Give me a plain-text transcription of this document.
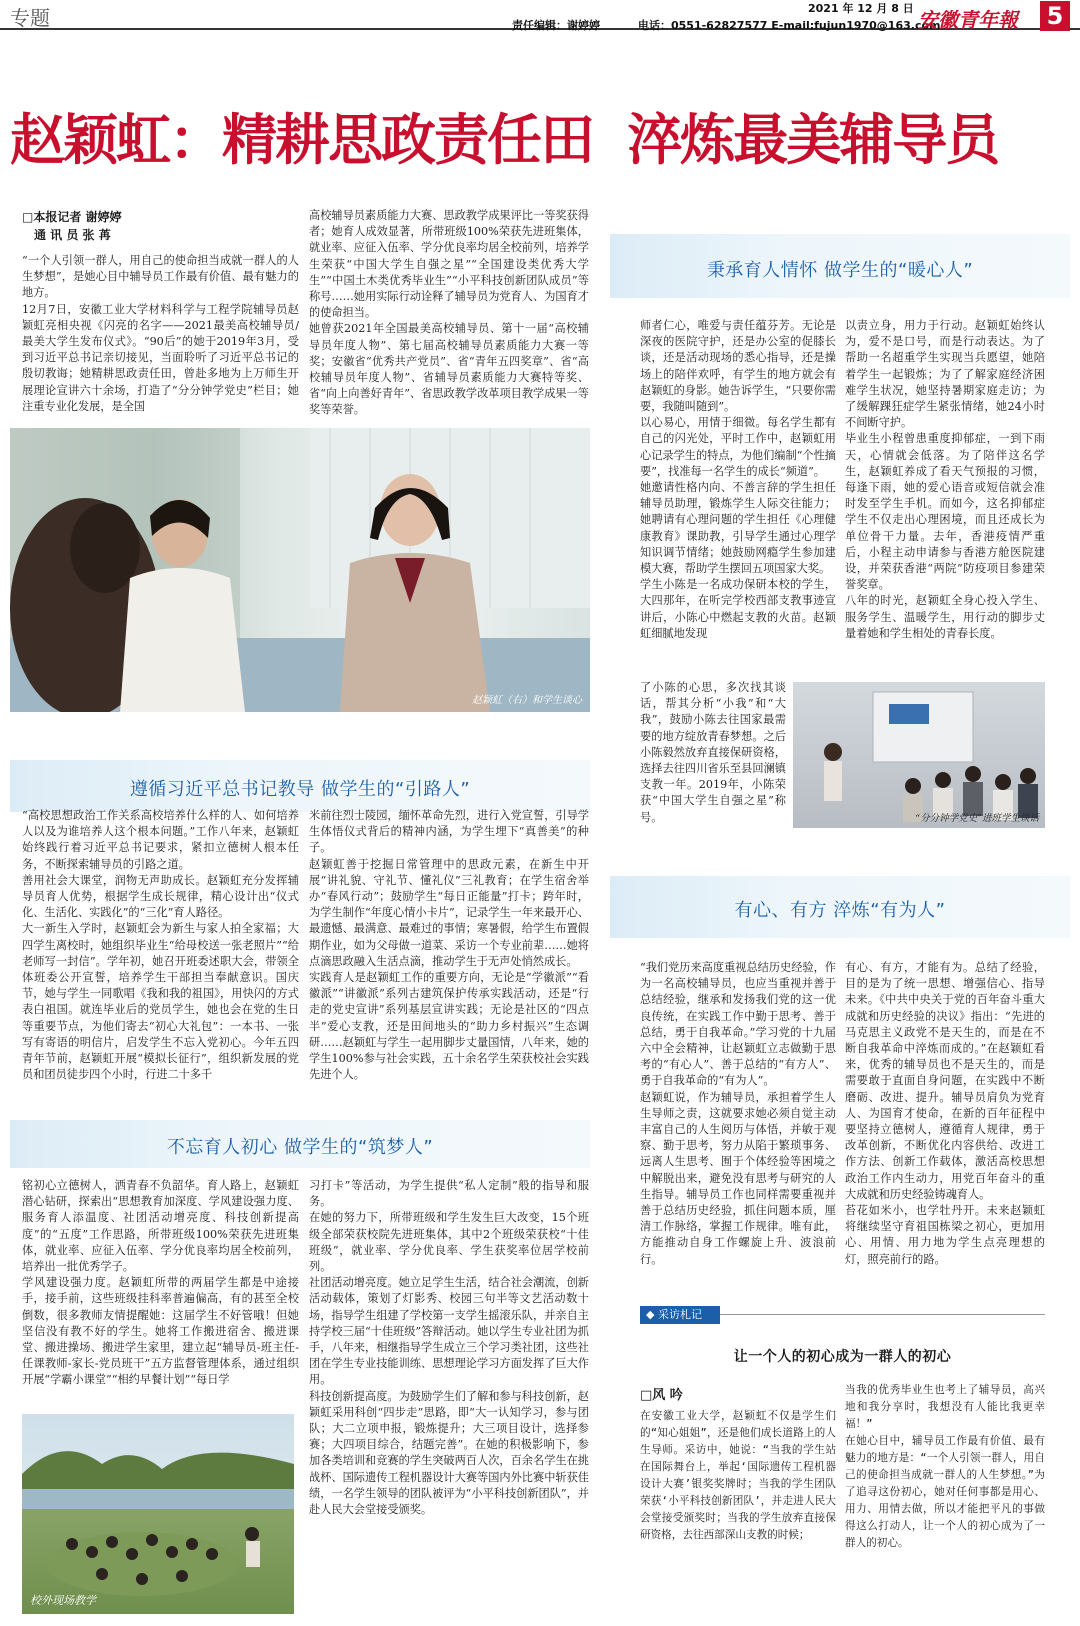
专题	2021 年 12 月 8 日
责任编辑：谢婷婷	电话：0551-62827577 E-mail:fujun1970@163.com
安徽青年報 5
赵颖虹：精耕思政责任田  淬炼最美辅导员
□本报记者 谢婷婷
通 讯 员 张 苒
“一个人引领一群人，用自己的使命担当成就一群人的人生梦想”，是她心目中辅导员工作最有价值、最有魅力的地方。
12月7日，安徽工业大学材料科学与工程学院辅导员赵颖虹亮相央视《闪亮的名字——2021最美高校辅导员/最美大学生发布仪式》。“90后”的她于2019年3月，受到习近平总书记亲切接见，当面聆听了习近平总书记的殷切教诲；她精耕思政责任田，曾赴多地为上万师生开展理论宣讲六十余场，打造了“分分钟学党史”栏目；她注重专业化发展，是全国
高校辅导员素质能力大赛、思政教学成果评比一等奖获得者；她育人成效显著，所带班级100%荣获先进班集体，就业率、应征入伍率、学分优良率均居全校前列，培养学生荣获“中国大学生自强之星”“全国建设类优秀大学生”“中国土木类优秀毕业生”“小平科技创新团队成员”等称号……她用实际行动诠释了辅导员为党育人、为国育才的使命担当。
她曾获2021年全国最美高校辅导员、第十一届“高校辅导员年度人物”、第七届高校辅导员素质能力大赛一等奖；安徽省“优秀共产党员”、省“青年五四奖章”、省“高校辅导员年度人物”、省辅导员素质能力大赛特等奖、省“向上向善好青年”、省思政教学改革项目教学成果一等奖等荣誉。
赵颖虹（右）和学生谈心
秉承育人情怀 做学生的“暖心人”
师者仁心，唯爱与责任蕴芬芳。无论是深夜的医院守护，还是办公室的促膝长谈，还是活动现场的悉心指导，还是操场上的陪伴欢呼，有学生的地方就会有赵颖虹的身影。她告诉学生，“只要你需要，我随叫随到”。
以心易心，用情于细微。每名学生都有自己的闪光处，平时工作中，赵颖虹用心记录学生的特点，为他们编制“个性摘要”，找准每一名学生的成长“频道”。
她邀请性格内向、不善言辞的学生担任辅导员助理，锻炼学生人际交往能力；她聘请有心理问题的学生担任《心理健康教育》课助教，引导学生通过心理学知识调节情绪；她鼓励网瘾学生参加建模大赛，帮助学生摆回五项国家大奖。
学生小陈是一名成功保研本校的学生，大四那年，在听完学校西部支教事迹宣讲后，小陈心中燃起支教的火苗。赵颖虹细腻地发现
了小陈的心思，多次找其谈话，帮其分析“小我”和“大我”，鼓励小陈去往国家最需要的地方绽放青春梦想。之后小陈毅然放弃直接保研资格，选择去往四川省乐至县回澜镇支教一年。2019年，小陈荣获“中国大学生自强之星”称号。
以责立身，用力于行动。赵颖虹始终认为，爱不是口号，而是行动表达。为了帮助一名超重学生实现当兵愿望，她陪着学生一起锻炼；为了了解家庭经济困难学生状况，她坚持暑期家庭走访；为了缓解踝狂症学生紧张情绪，她24小时不间断守护。
毕业生小程曾患重度抑郁症，一到下雨天，心情就会低落。为了陪伴这名学生，赵颖虹养成了看天气预报的习惯，每逢下雨，她的爱心语音或短信就会准时发至学生手机。而如今，这名抑郁症学生不仅走出心理困境，而且还成长为单位骨干力量。去年，香港疫情严重后，小程主动申请参与香港方舱医院建设，并荣获香港“两院”防疫项目参建荣誉奖章。
八年的时光，赵颖虹全身心投入学生、服务学生、温暖学生，用行动的脚步丈量着她和学生相处的青春长度。
“分分钟学党史”进班学生谈话
遵循习近平总书记教导 做学生的“引路人”
“高校思想政治工作关系高校培养什么样的人、如何培养人以及为谁培养人这个根本问题。”工作八年来，赵颖虹始终践行着习近平总书记要求，紧扣立德树人根本任务，不断探索辅导员的引路之道。
善用社会大课堂，润物无声助成长。赵颖虹充分发挥辅导员育人优势，根据学生成长规律，精心设计出“仪式化、生活化、实践化”的“三化”育人路径。
大一新生入学时，赵颖虹会为新生与家人拍全家福；大四学生离校时，她组织毕业生“给母校送一张老照片”“给老师写一封信”。学年初，她召开班委述职大会，带领全体班委公开宣誓，培养学生干部担当奉献意识。国庆节，她与学生一同歌唱《我和我的祖国》，用快闪的方式表白祖国。就连毕业后的党员学生，她也会在党的生日等重要节点，为他们寄去“初心大礼包”：一本书、一张写有寄语的明信片，启发学生不忘入党初心。今年五四青年节前，赵颖虹开展“模拟长征行”，组织新发展的党员和团员徒步四个小时，行进二十多千
米前往烈士陵园，缅怀革命先烈，进行入党宣誓，引导学生体悟仪式背后的精神内涵，为学生埋下“真善美”的种子。
赵颖虹善于挖掘日常管理中的思政元素，在新生中开展“讲礼貌、守礼节、懂礼仪”三礼教育；在学生宿舍举办“春风行动”；鼓励学生“每日正能量”打卡；跨年时，为学生制作“年度心情小卡片”，记录学生一年来最开心、最遗憾、最满意、最难过的事情；寒暑假，给学生布置假期作业，如为父母做一道菜、采访一个专业前辈……她将点滴思政融入生活点滴，推动学生于无声处悄然成长。
实践育人是赵颖虹工作的重要方向，无论是“学徽派”“看徽派”“讲徽派”系列古建筑保护传承实践活动，还是“行走的党史宣讲”系列基层宣讲实践；无论是社区的“四点半”爱心支教，还是田间地头的“助力乡村振兴”生态调研……赵颖虹与学生一起用脚步丈量国情，八年来，她的学生100%参与社会实践，五十余名学生荣获校社会实践先进个人。
不忘育人初心 做学生的“筑梦人”
铭初心立德树人，洒青春不负韶华。育人路上，赵颖虹潜心钻研，探索出“思想教育加深度、学风建设强力度、服务育人添温度、社团活动增亮度、科技创新提高度”的“五度”工作思路，所带班级100%荣获先进班集体，就业率、应征入伍率、学分优良率均居全校前列，培养出一批优秀学子。
学风建设强力度。赵颖虹所带的两届学生都是中途接手，接手前，这些班级挂科率普遍偏高，有的甚至全校倒数，很多教师友情提醒她：这届学生不好管哦！但她坚信没有教不好的学生。她将工作搬进宿舍、搬进课堂、搬进操场、搬进学生家里，建立起“辅导员-班主任-任课教师-家长-党员班干”五方监督管理体系，通过组织开展“学霸小课堂”“相约早餐计划”“每日学
习打卡”等活动，为学生提供“私人定制”般的指导和服务。
在她的努力下，所带班级和学生发生巨大改变，15个班级全部荣获校院先进班集体，其中2个班级荣获校“十佳班级”，就业率、学分优良率、学生获奖率位居学校前列。
社团活动增亮度。她立足学生生活，结合社会潮流，创新活动载体，策划了灯影秀、校园三句半等文艺活动数十场，指导学生组建了学校第一支学生摇滚乐队，并亲自主持学校三届“十佳班级”答辩活动。她以学生专业社团为抓手，八年来，相继指导学生成立三个学习类社团，这些社团在学生专业技能训练、思想理论学习方面发挥了巨大作用。
科技创新提高度。为鼓励学生们了解和参与科技创新，赵颖虹采用科创“四步走”思路，即“大一认知学习，参与团队；大二立项申报，锻炼提升；大三项目设计，选择参赛；大四项目综合，结题完善”。在她的积极影响下，参加各类培训和竞赛的学生突破两百人次，百余名学生在挑战杯、国际遗传工程机器设计大赛等国内外比赛中斩获佳绩，一名学生领导的团队被评为“小平科技创新团队”，并赴人民大会堂接受颁奖。
校外现场教学
有心、有方 淬炼“有为人”
“我们党历来高度重视总结历史经验，作为一名高校辅导员，也应当重视并善于总结经验，继承和发扬我们党的这一优良传统，在实践工作中勤于思考、善于总结，勇于自我革命。”学习党的十九届六中全会精神，让赵颖虹立志做勤于思考的“有心人”、善于总结的“有方人”、勇于自我革命的“有为人”。
赵颖虹说，作为辅导员，承担着学生人生导师之责，这就要求她必须自觉主动丰富自己的人生阅历与体悟，并敏于观察、勤于思考，努力从陷于繁琐事务、远离人生思考、囿于个体经验等困境之中解脱出来，避免没有思考与研究的人生指导。辅导员工作也同样需要重视并善于总结历史经验，抓住问题本质，厘清工作脉络，掌握工作规律。唯有此，方能推动自身工作螺旋上升、波浪前行。
有心、有方，才能有为。总结了经验，目的是为了统一思想、增强信心、指导未来。《中共中央关于党的百年奋斗重大成就和历史经验的决议》指出：“先进的马克思主义政党不是天生的，而是在不断自我革命中淬炼而成的。”在赵颖虹看来，优秀的辅导员也不是天生的，而是需要敢于直面自身问题，在实践中不断磨砺、改进、提升。辅导员肩负为党育人、为国育才使命，在新的百年征程中要坚持立德树人，遵循育人规律，勇于改革创新，不断优化内容供给、改进工作方法、创新工作载体，激活高校思想政治工作内生动力，用党百年奋斗的重大成就和历史经验铸魂育人。
苔花如米小，也学牡丹开。未来赵颖虹将继续坚守育祖国栋梁之初心，更加用心、用情、用力地为学生点亮理想的灯，照亮前行的路。
◆ 采访札记
让一个人的初心成为一群人的初心
□风 吟
在安徽工业大学，赵颖虹不仅是学生们的“知心姐姐”，还是他们成长道路上的人生导师。采访中，她说：“当我的学生站在国际舞台上，举起‘国际遗传工程机器设计大赛’银奖奖牌时；当我的学生团队荣获‘小平科技创新团队’，并走进人民大会堂接受颁奖时；当我的学生放弃直接保研资格，去往西部深山支教的时候；
当我的优秀毕业生也考上了辅导员，高兴地和我分享时，我想没有人能比我更幸福！”
在她心目中，辅导员工作最有价值、最有魅力的地方是：“一个人引领一群人，用自己的使命担当成就一群人的人生梦想。”为了追寻这份初心，她对任何事都是用心、用力、用情去做，所以才能把平凡的事做得这么打动人，让一个人的初心成为了一群人的初心。
